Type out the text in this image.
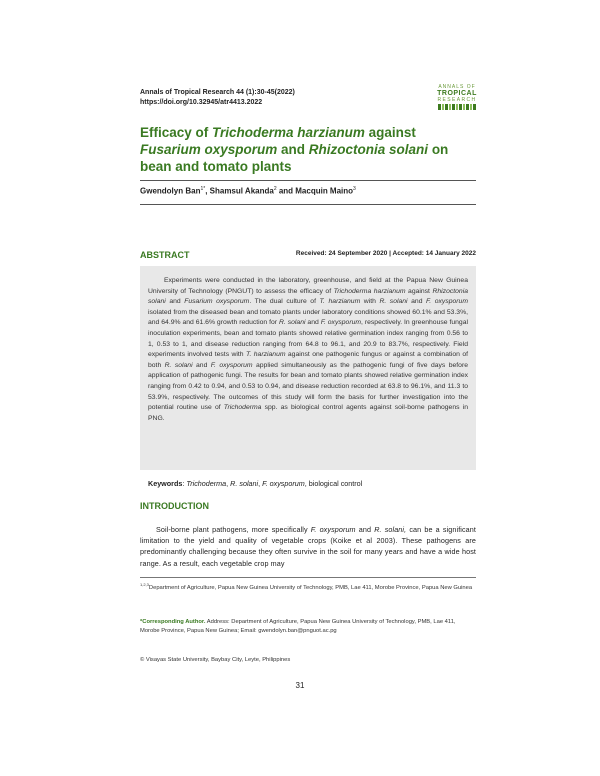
Annals of Tropical Research 44 (1):30-45(2022)
https://doi.org/10.32945/atr4413.2022
ANNALS OF
TROPICAL
RESEARCH
Efficacy of Trichoderma harzianum against Fusarium oxysporum and Rhizoctonia solani on bean and tomato plants
Gwendolyn Ban$^{1*}$, Shamsul Akanda$^2$ and Macquin Maino$^3$
ABSTRACT	Received: 24 September 2020 | Accepted: 14 January 2022
Experiments were conducted in the laboratory, greenhouse, and field at the Papua New Guinea University of Technology (PNGUT) to assess the efficacy of Trichoderma harzianum against Rhizoctonia solani and Fusarium oxysporum. The dual culture of T. harzianum with R. solani and F. oxysporum isolated from the diseased bean and tomato plants under laboratory conditions showed 60.1% and 53.3%, and 64.9% and 61.6% growth reduction for R. solani and F. oxysporum, respectively. In greenhouse fungal inoculation experiments, bean and tomato plants showed relative germination index ranging from 0.56 to 1, 0.53 to 1, and disease reduction ranging from 64.8 to 96.1, and 20.9 to 83.7%, respectively. Field experiments involved tests with T. harzianum against one pathogenic fungus or against a combination of both R. solani and F. oxysporum applied simultaneously as the pathogenic fungi of five days before application of pathogenic fungi. The results for bean and tomato plants showed relative germination index ranging from 0.42 to 0.94, and 0.53 to 0.94, and disease reduction recorded at 63.8 to 96.1%, and 11.3 to 53.9%, respectively. The outcomes of this study will form the basis for further investigation into the potential routine use of Trichoderma spp. as biological control agents against soil-borne pathogens in PNG.
Keywords: Trichoderma, R. solani, F. oxysporum, biological control
INTRODUCTION
Soil-borne plant pathogens, more specifically F. oxysporum and R. solani, can be a significant limitation to the yield and quality of vegetable crops (Koike et al 2003). These pathogens are predominantly challenging because they often survive in the soil for many years and have a wide host range. As a result, each vegetable crop may
$^{1,2,3}$Department of Agriculture, Papua New Guinea University of Technology, PMB, Lae 411, Morobe Province, Papua New Guinea
*Corresponding Author. Address: Department of Agriculture, Papua New Guinea University of Technology, PMB, Lae 411, Morobe Province, Papua New Guinea; Email: gwendolyn.ban@pnguot.ac.pg
© Visayas State University, Baybay City, Leyte, Philippines
31
